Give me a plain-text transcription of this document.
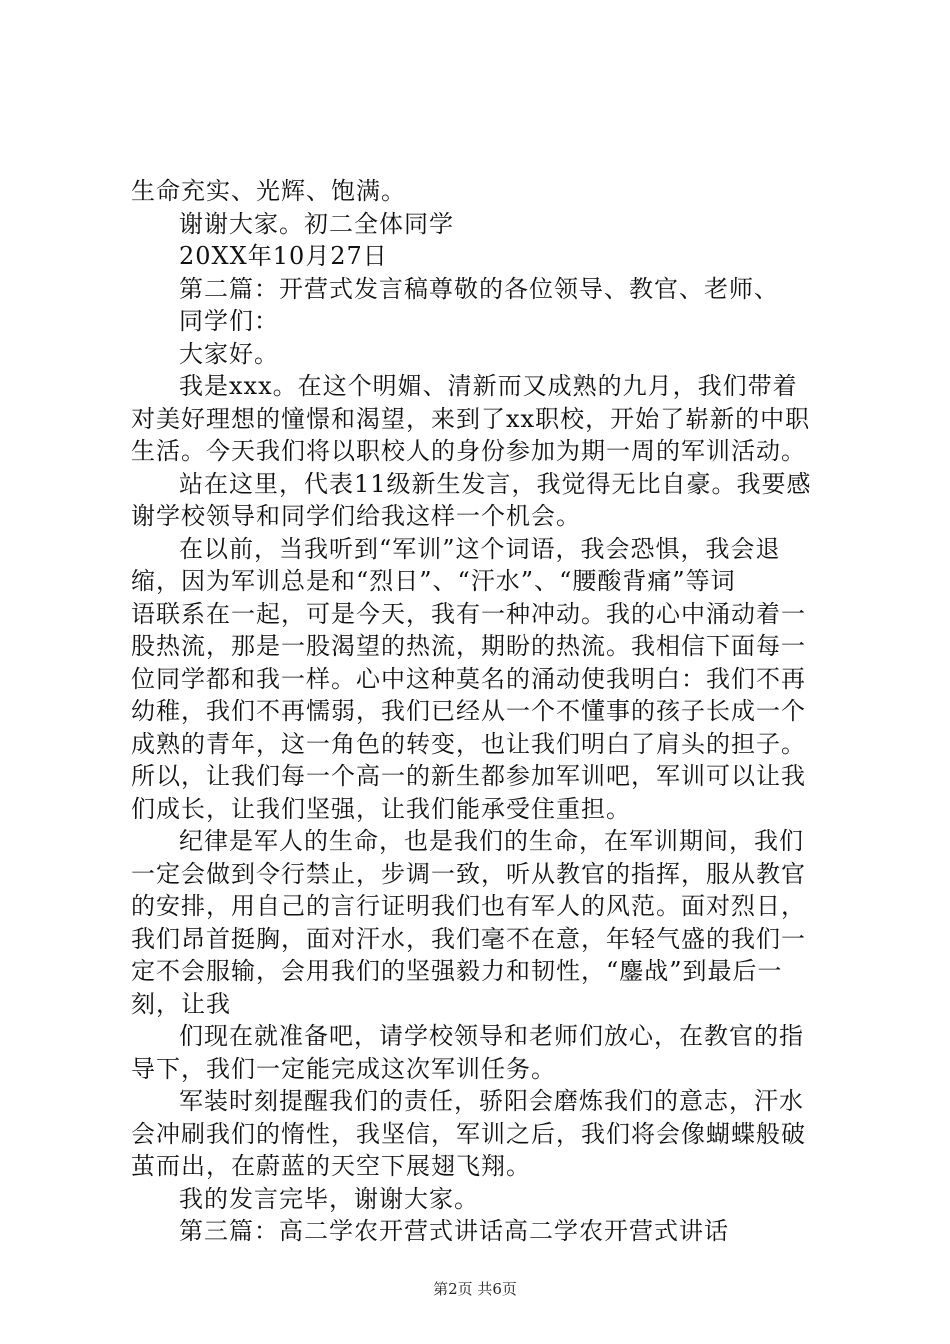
生命充实、光辉、饱满。
谢谢大家。初二全体同学
20XX年10月27日
第二篇：开营式发言稿尊敬的各位领导、教官、老师、
同学们：
大家好。
我是xxx。在这个明媚、清新而又成熟的九月，我们带着
对美好理想的憧憬和渴望，来到了xx职校，开始了崭新的中职
生活。今天我们将以职校人的身份参加为期一周的军训活动。
站在这里，代表11级新生发言，我觉得无比自豪。我要感
谢学校领导和同学们给我这样一个机会。
在以前，当我听到“军训”这个词语，我会恐惧，我会退
缩，因为军训总是和“烈日”、“汗水”、“腰酸背痛”等词
语联系在一起，可是今天，我有一种冲动。我的心中涌动着一
股热流，那是一股渴望的热流，期盼的热流。我相信下面每一
位同学都和我一样。心中这种莫名的涌动使我明白：我们不再
幼稚，我们不再懦弱，我们已经从一个不懂事的孩子长成一个
成熟的青年，这一角色的转变，也让我们明白了肩头的担子。
所以，让我们每一个高一的新生都参加军训吧，军训可以让我
们成长，让我们坚强，让我们能承受住重担。
纪律是军人的生命，也是我们的生命，在军训期间，我们
一定会做到令行禁止，步调一致，听从教官的指挥，服从教官
的安排，用自己的言行证明我们也有军人的风范。面对烈日，
我们昂首挺胸，面对汗水，我们毫不在意，年轻气盛的我们一
定不会服输，会用我们的坚强毅力和韧性，“鏖战”到最后一
刻，让我
们现在就准备吧，请学校领导和老师们放心，在教官的指
导下，我们一定能完成这次军训任务。
军装时刻提醒我们的责任，骄阳会磨炼我们的意志，汗水
会冲刷我们的惰性，我坚信，军训之后，我们将会像蝴蝶般破
茧而出，在蔚蓝的天空下展翅飞翔。
我的发言完毕，谢谢大家。
第三篇：高二学农开营式讲话高二学农开营式讲话
第2页 共6页
